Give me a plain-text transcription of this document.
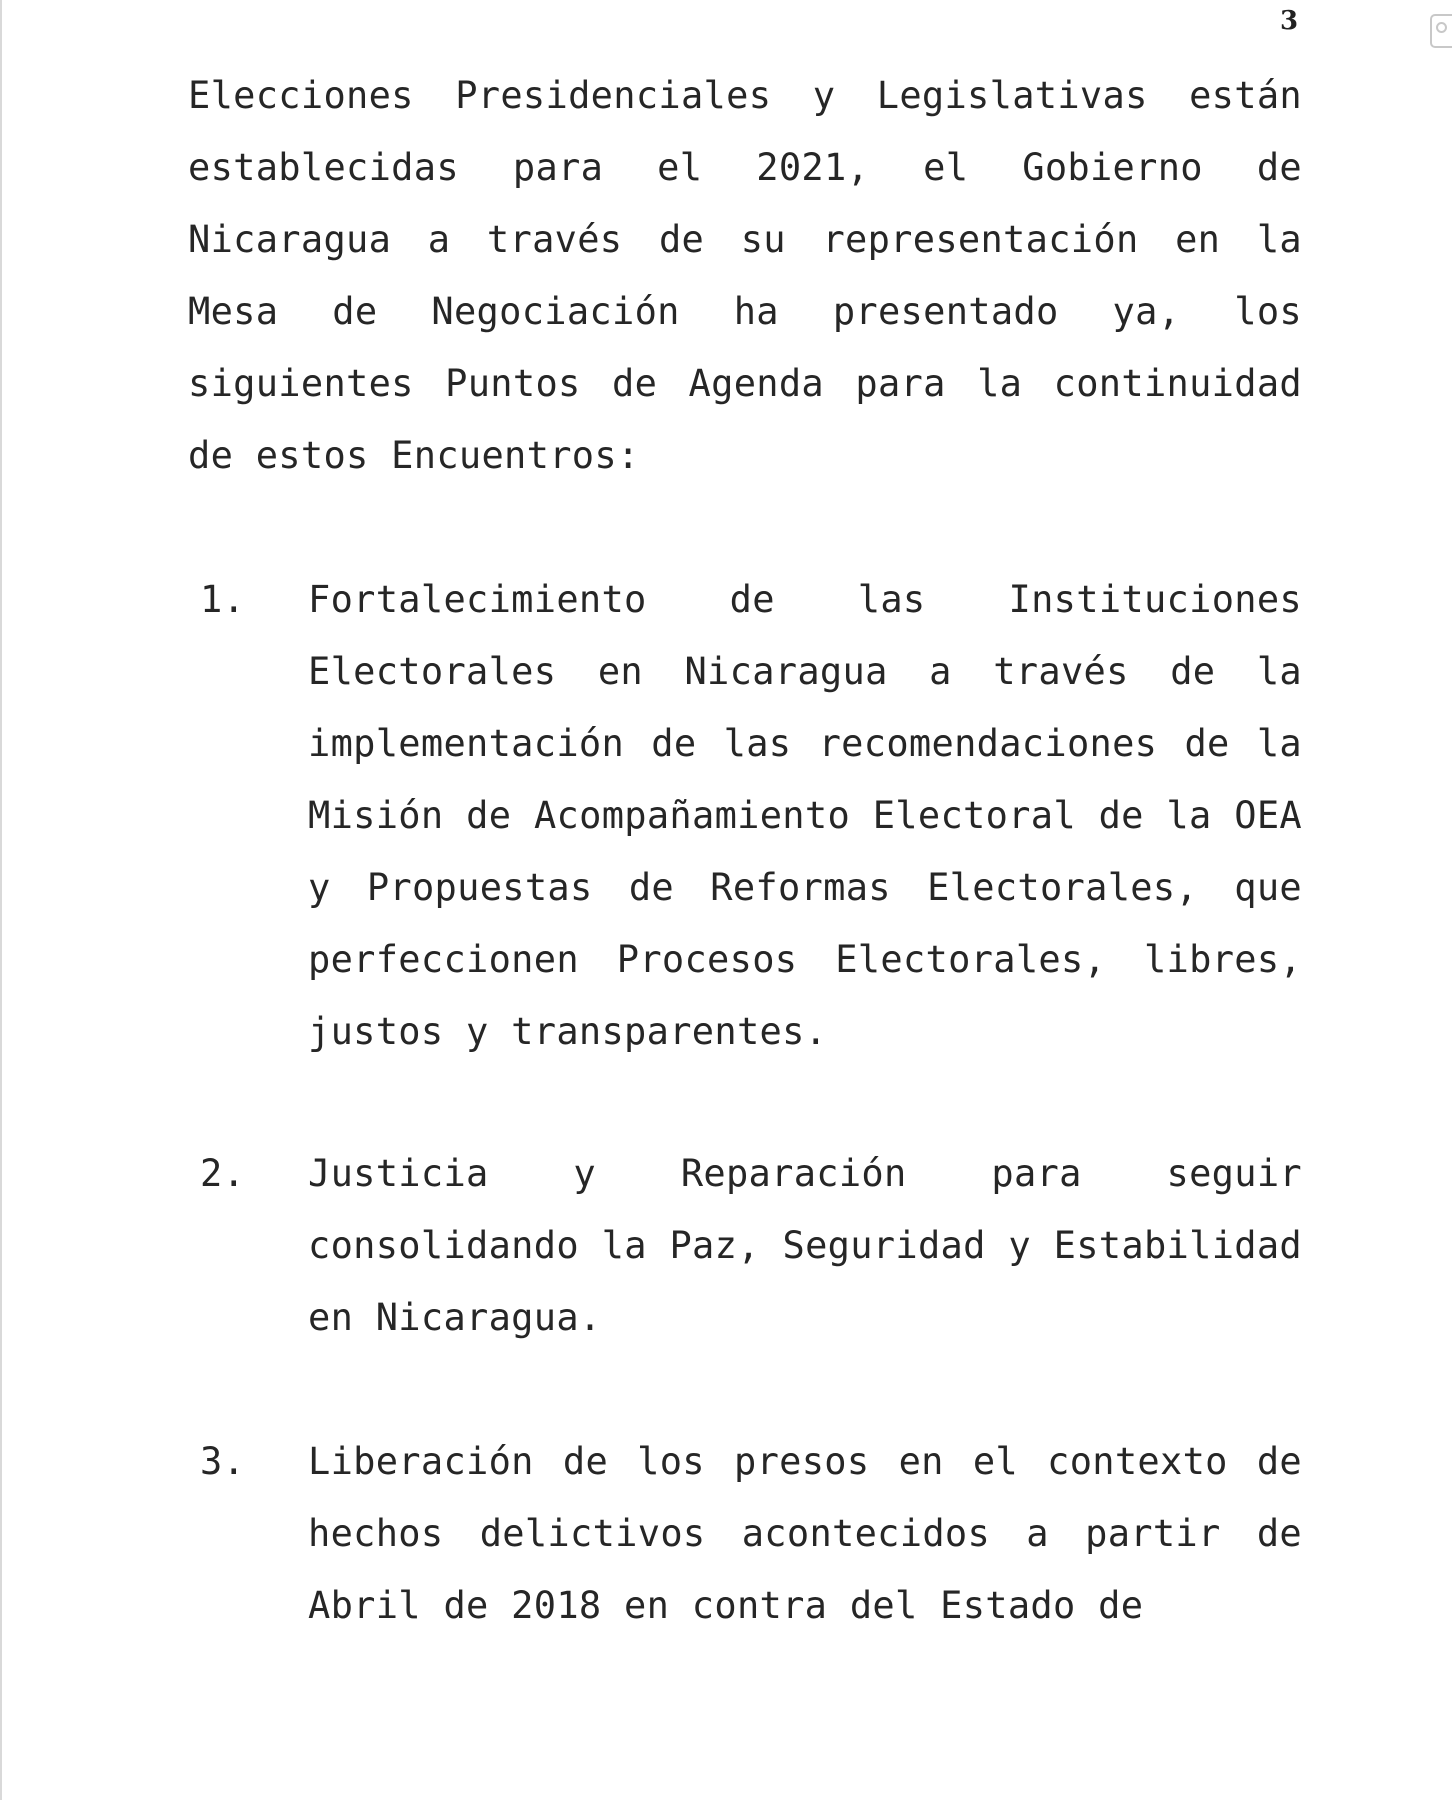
3

Elecciones Presidenciales y Legislativas están establecidas para el 2021, el Gobierno de Nicaragua a través de su representación en la Mesa de Negociación ha presentado ya, los siguientes Puntos de Agenda para la continuidad de estos Encuentros:

1.	Fortalecimiento de las Instituciones Electorales en Nicaragua a través de la implementación de las recomendaciones de la Misión de Acompañamiento Electoral de la OEA y Propuestas de Reformas Electorales, que perfeccionen Procesos Electorales, libres, justos y transparentes.

2.	Justicia y Reparación para seguir consolidando la Paz, Seguridad y Estabilidad en Nicaragua.

3.	Liberación de los presos en el contexto de hechos delictivos acontecidos a partir de Abril de 2018 en contra del Estado de
